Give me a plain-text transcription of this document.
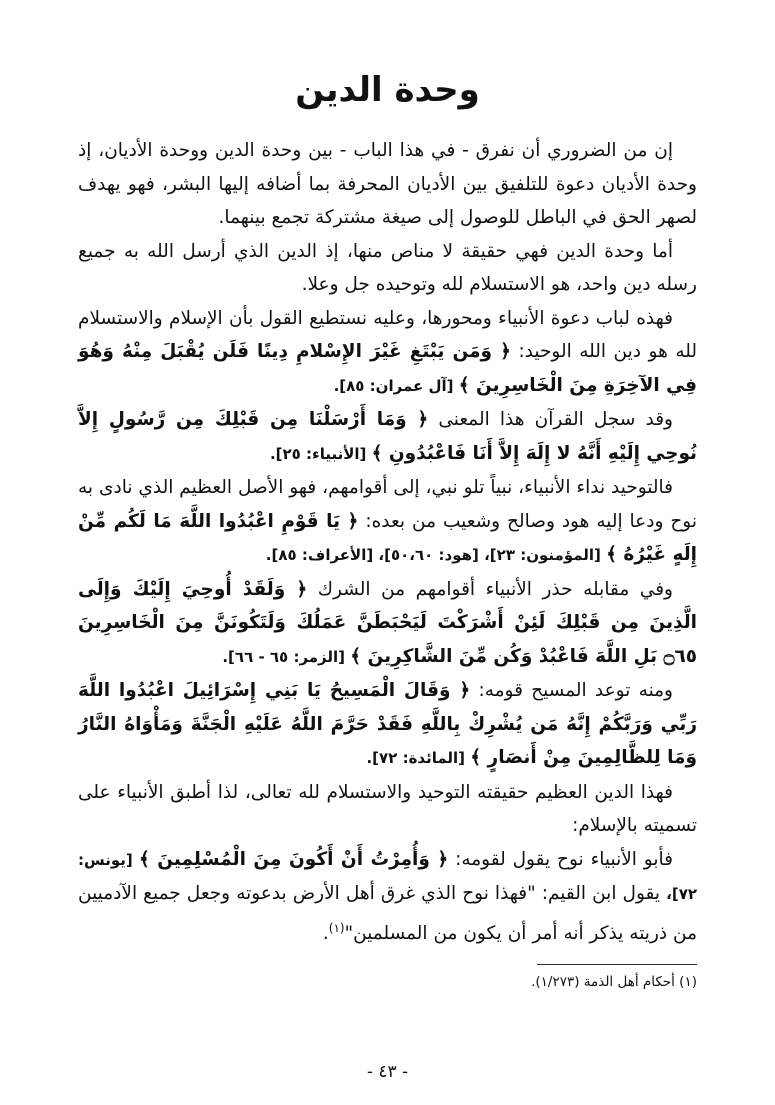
وحدة الدين

إن من الضروري أن نفرق - في هذا الباب - بين وحدة الدين ووحدة الأديان، إذ وحدة الأديان دعوة للتلفيق بين الأديان المحرفة بما أضافه إليها البشر، فهو يهدف لصهر الحق في الباطل للوصول إلى صيغة مشتركة تجمع بينهما.

أما وحدة الدين فهي حقيقة لا مناص منها، إذ الدين الذي أرسل الله به جميع رسله دين واحد، هو الاستسلام لله وتوحيده جل وعلا.

فهذه لباب دعوة الأنبياء ومحورها، وعليه نستطيع القول بأن الإسلام والاستسلام لله هو دين الله الوحيد: ﴿ وَمَن يَبْتَغِ غَيْرَ الإِسْلامِ دِينًا فَلَن يُقْبَلَ مِنْهُ وَهُوَ فِي الآخِرَةِ مِنَ الْخَاسِرِينَ ﴾ [آل عمران: ٨٥].

وقد سجل القرآن هذا المعنى ﴿ وَمَا أَرْسَلْنَا مِن قَبْلِكَ مِن رَّسُولٍ إِلاَّ نُوحِي إِلَيْهِ أَنَّهُ لا إِلَهَ إِلاَّ أَنَا فَاعْبُدُونِ ﴾ [الأنبياء: ٢٥].

فالتوحيد نداء الأنبياء، نبياً تلو نبي، إلى أقوامهم، فهو الأصل العظيم الذي نادى به نوح ودعا إليه هود وصالح وشعيب من بعده: ﴿ يَا قَوْمِ اعْبُدُوا اللَّهَ مَا لَكُم مِّنْ إِلَهٍ غَيْرُهُ ﴾ [المؤمنون: ٢٣]، [هود: ٥٠،٦٠]، [الأعراف: ٨٥].

وفي مقابله حذر الأنبياء أقوامهم من الشرك ﴿ وَلَقَدْ أُوحِيَ إِلَيْكَ وَإِلَى الَّذِينَ مِن قَبْلِكَ لَئِنْ أَشْرَكْتَ لَيَحْبَطَنَّ عَمَلُكَ وَلَتَكُونَنَّ مِنَ الْخَاسِرِينَ ۝٦٥ بَلِ اللَّهَ فَاعْبُدْ وَكُن مِّنَ الشَّاكِرِينَ ﴾ [الزمر: ٦٥ - ٦٦].

ومنه توعد المسيح قومه: ﴿ وَقَالَ الْمَسِيحُ يَا بَنِي إِسْرَائِيلَ اعْبُدُوا اللَّهَ رَبِّي وَرَبَّكُمْ إِنَّهُ مَن يُشْرِكْ بِاللَّهِ فَقَدْ حَرَّمَ اللَّهُ عَلَيْهِ الْجَنَّةَ وَمَأْوَاهُ النَّارُ وَمَا لِلظَّالِمِينَ مِنْ أَنصَارٍ ﴾ [المائدة: ٧٢].

فهذا الدين العظيم حقيقته التوحيد والاستسلام لله تعالى، لذا أطبق الأنبياء على تسميته بالإسلام:

فأبو الأنبياء نوح يقول لقومه: ﴿ وَأُمِرْتُ أَنْ أَكُونَ مِنَ الْمُسْلِمِينَ ﴾ [يونس: ٧٢]، يقول ابن القيم: "فهذا نوح الذي غرق أهل الأرض بدعوته وجعل جميع الآدميين من ذريته يذكر أنه أمر أن يكون من المسلمين"$^{(١)}$.

(١) أحكام أهل الذمة (١/٢٧٣).
- ٤٣ -
